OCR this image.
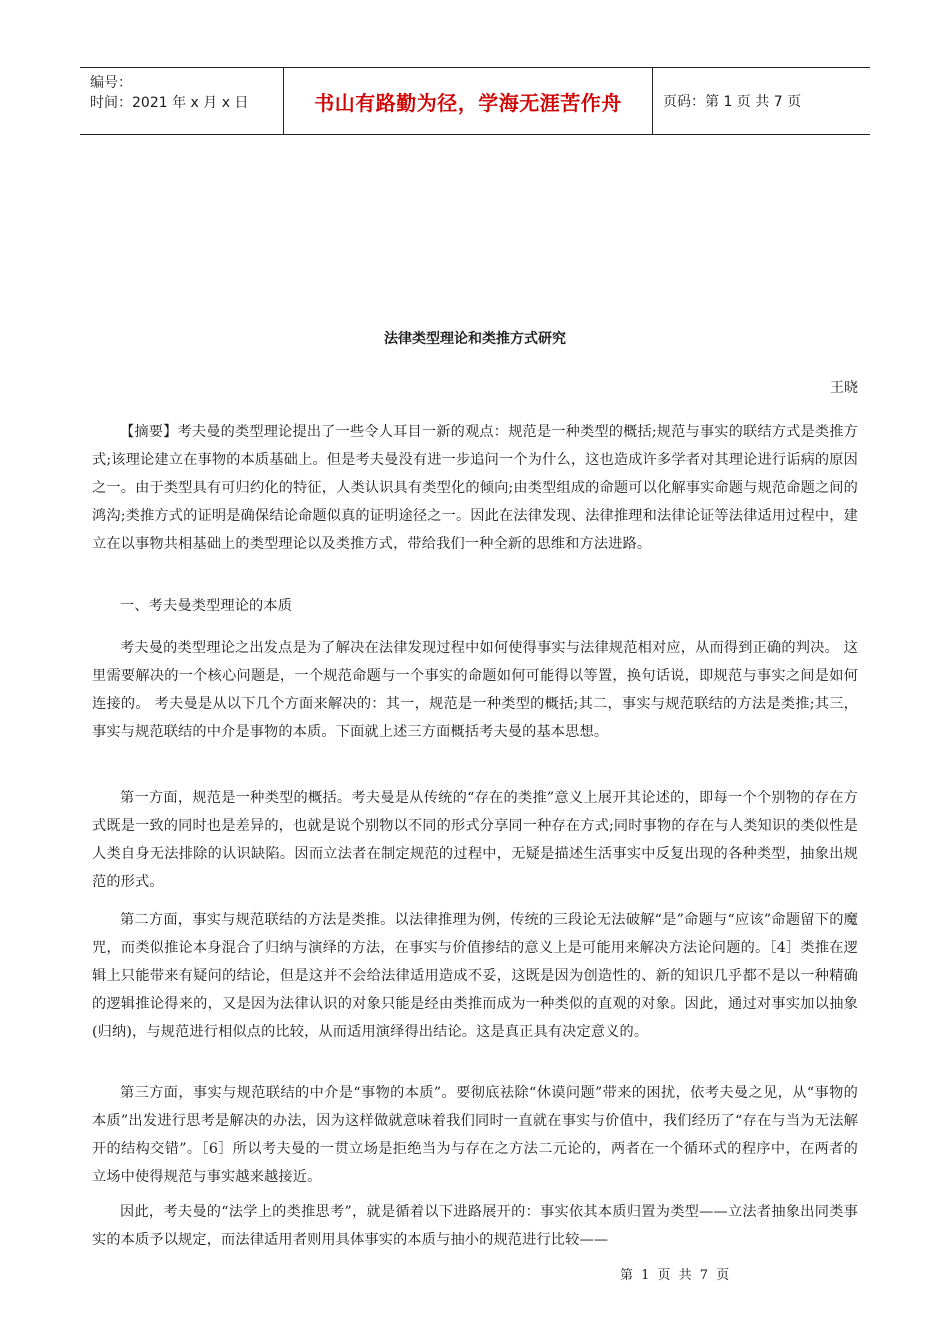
编号：
时间：2021 年 x 月 x 日	书山有路勤为径，学海无涯苦作舟	页码：第 1 页 共 7 页
法律类型理论和类推方式研究
王晓

【摘要】考夫曼的类型理论提出了一些令人耳目一新的观点：规范是一种类型的概括;规范与事实的联结方式是类推方式;该理论建立在事物的本质基础上。但是考夫曼没有进一步追问一个为什么，这也造成许多学者对其理论进行诟病的原因之一。由于类型具有可归约化的特征，人类认识具有类型化的倾向;由类型组成的命题可以化解事实命题与规范命题之间的鸿沟;类推方式的证明是确保结论命题似真的证明途径之一。因此在法律发现、法律推理和法律论证等法律适用过程中，建立在以事物共相基础上的类型理论以及类推方式，带给我们一种全新的思维和方法进路。

一、考夫曼类型理论的本质

考夫曼的类型理论之出发点是为了解决在法律发现过程中如何使得事实与法律规范相对应，从而得到正确的判决。 这里需要解决的一个核心问题是，一个规范命题与一个事实的命题如何可能得以等置，换句话说，即规范与事实之间是如何连接的。 考夫曼是从以下几个方面来解决的：其一，规范是一种类型的概括;其二，事实与规范联结的方法是类推;其三，事实与规范联结的中介是事物的本质。下面就上述三方面概括考夫曼的基本思想。

第一方面，规范是一种类型的概括。考夫曼是从传统的“存在的类推”意义上展开其论述的，即每一个个别物的存在方式既是一致的同时也是差异的，也就是说个别物以不同的形式分享同一种存在方式;同时事物的存在与人类知识的类似性是人类自身无法排除的认识缺陷。因而立法者在制定规范的过程中，无疑是描述生活事实中反复出现的各种类型，抽象出规范的形式。

第二方面，事实与规范联结的方法是类推。以法律推理为例，传统的三段论无法破解“是”命题与“应该”命题留下的魔咒，而类似推论本身混合了归纳与演绎的方法，在事实与价值掺结的意义上是可能用来解决方法论问题的。［4］类推在逻辑上只能带来有疑问的结论，但是这并不会给法律适用造成不妥，这既是因为创造性的、新的知识几乎都不是以一种精确的逻辑推论得来的，又是因为法律认识的对象只能是经由类推而成为一种类似的直观的对象。因此，通过对事实加以抽象(归纳)，与规范进行相似点的比较，从而适用演绎得出结论。这是真正具有决定意义的。

第三方面，事实与规范联结的中介是“事物的本质”。要彻底祛除“休谟问题”带来的困扰，依考夫曼之见，从“事物的本质”出发进行思考是解决的办法，因为这样做就意味着我们同时一直就在事实与价值中，我们经历了“存在与当为无法解开的结构交错”。［6］所以考夫曼的一贯立场是拒绝当为与存在之方法二元论的，两者在一个循环式的程序中，在两者的立场中使得规范与事实越来越接近。

因此，考夫曼的“法学上的类推思考”，就是循着以下进路展开的：事实依其本质归置为类型——立法者抽象出同类事实的本质予以规定，而法律适用者则用具体事实的本质与抽小的规范进行比较——

第 1 页 共 7 页
